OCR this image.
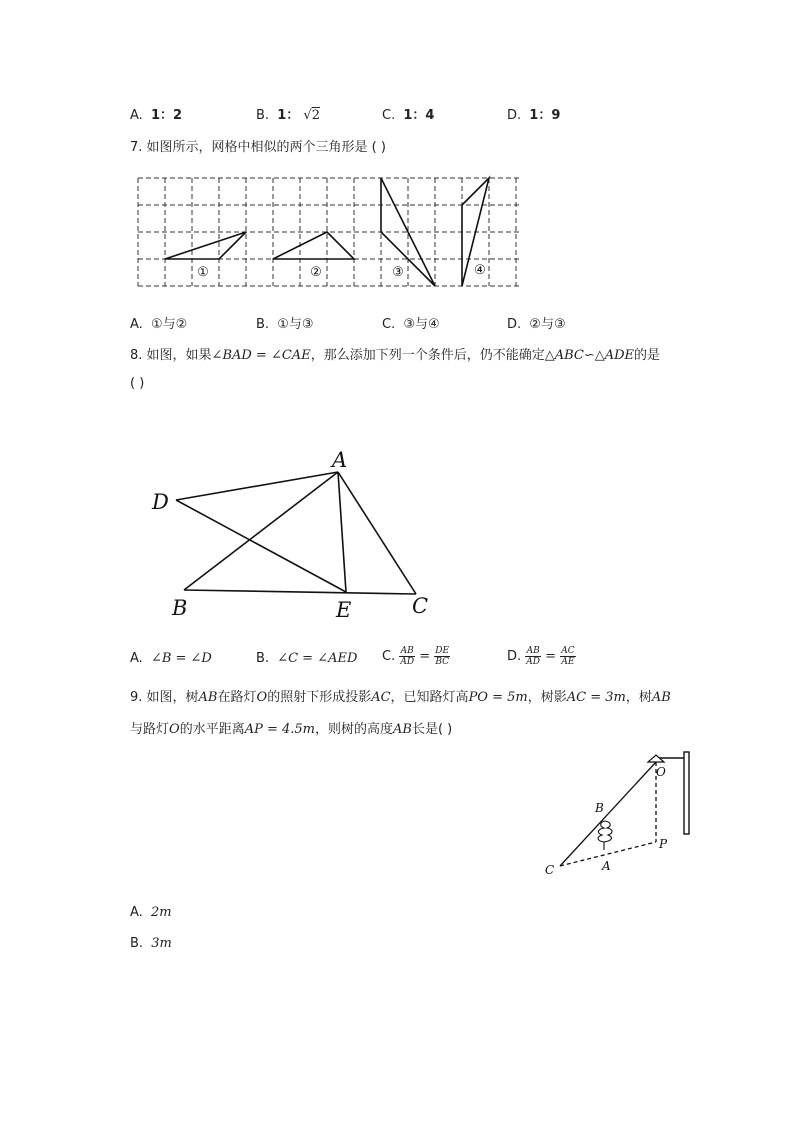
A. 1：2	B. 1： √2	C. 1：4	D. 1：9
7. 如图所示，网格中相似的两个三角形是 ( )
①	②	③	④
A. ①与②	B. ①与③	C. ③与④	D. ②与③
8. 如图，如果∠BAD = ∠CAE，那么添加下列一个条件后，仍不能确定△ABC∽△ADE的是
( )
A
D
B	E	C
A. ∠B = ∠D	B. ∠C = ∠AED C. $\frac{AB}{AD} = \frac{DE}{BC}$	D. $\frac{AB}{AD} = \frac{AC}{AE}$
9. 如图，树AB在路灯O的照射下形成投影AC，已知路灯高PO = 5m，树影AC = 3m，树AB
与路灯O的水平距离AP = 4.5m，则树的高度AB长是( )
O
B
P
C	A
A. 2m
B. 3m
